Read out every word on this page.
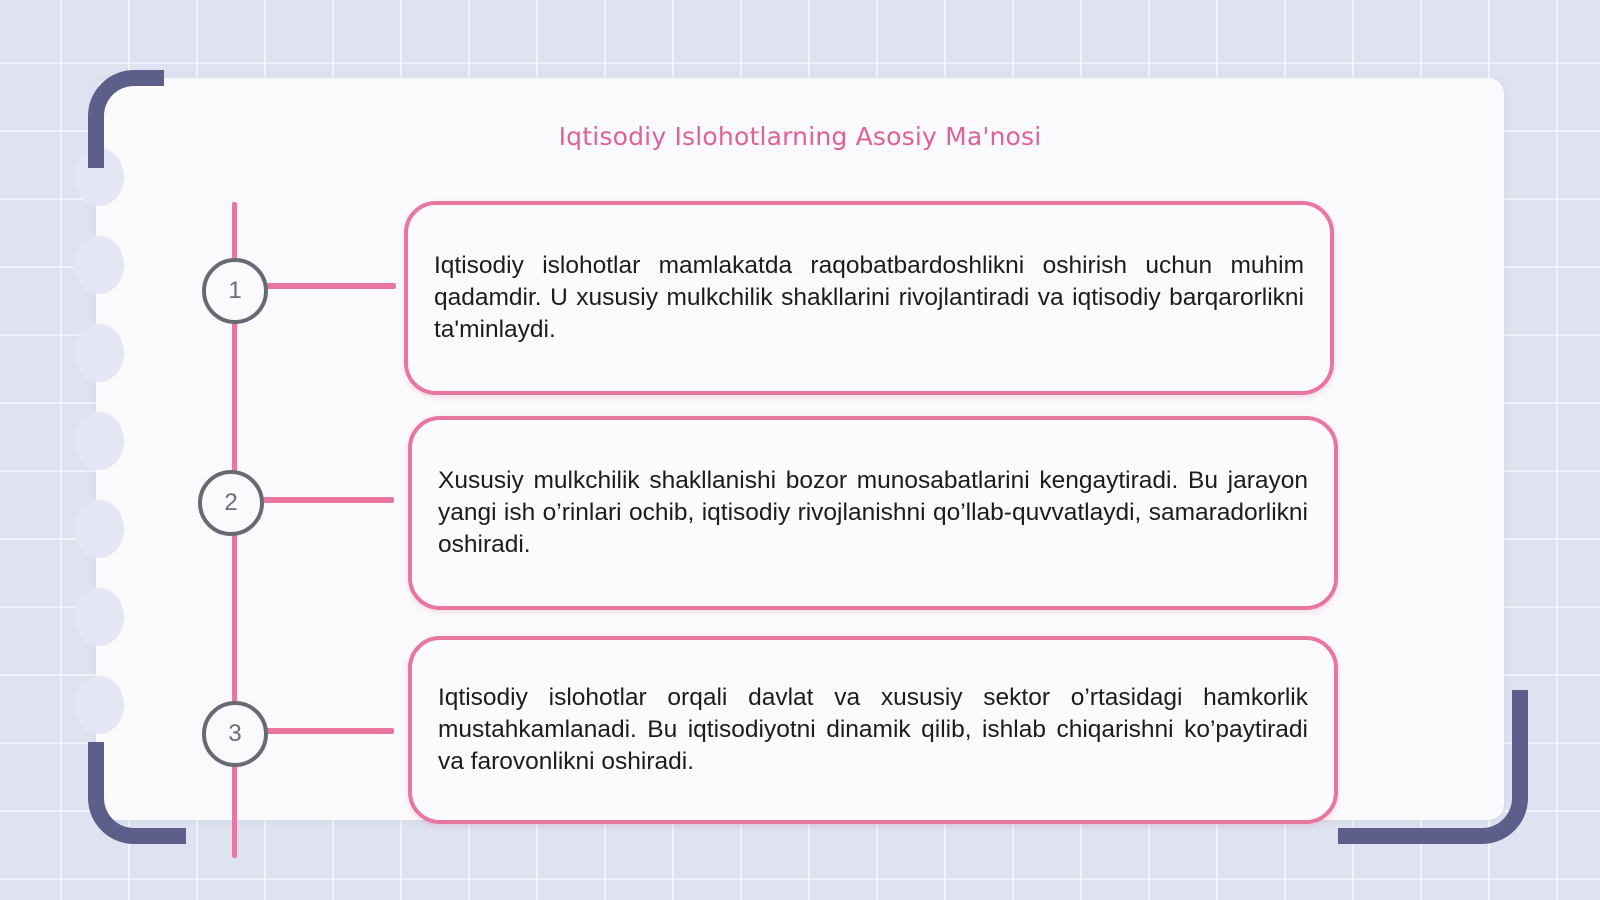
Iqtisodiy Islohotlarning Asosiy Ma'nosi
1
2
3
Iqtisodiy islohotlar mamlakatda raqobatbardoshlikni oshirish uchun muhim qadamdir. U xususiy mulkchilik shakllarini rivojlantiradi va iqtisodiy barqarorlikni ta'minlaydi.
Xususiy mulkchilik shakllanishi bozor munosabatlarini kengaytiradi. Bu jarayon yangi ish o’rinlari ochib, iqtisodiy rivojlanishni qo’llab-quvvatlaydi, samaradorlikni oshiradi.
Iqtisodiy islohotlar orqali davlat va xususiy sektor o’rtasidagi hamkorlik mustahkamlanadi. Bu iqtisodiyotni dinamik qilib, ishlab chiqarishni ko’paytiradi va farovonlikni oshiradi.
